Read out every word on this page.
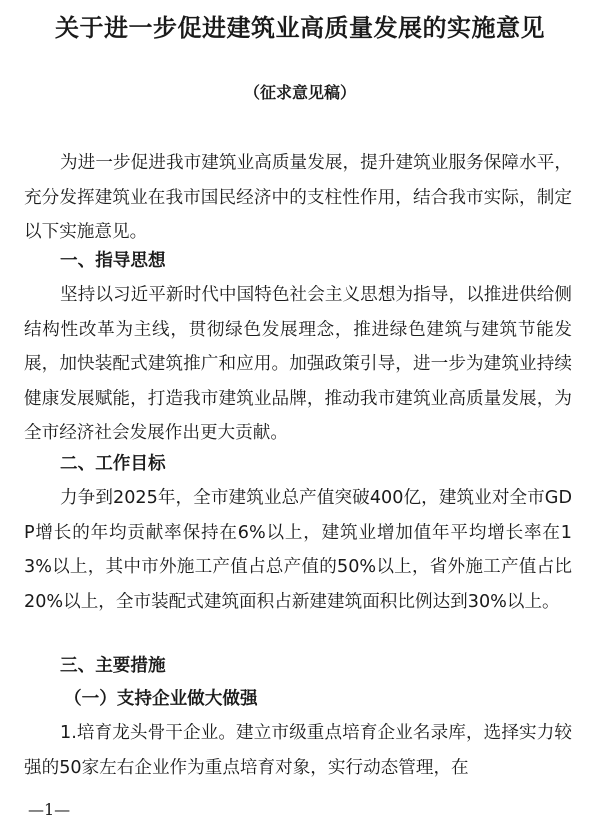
关于进一步促进建筑业高质量发展的实施意见
（征求意见稿）

为进一步促进我市建筑业高质量发展，提升建筑业服务保障水平，充分发挥建筑业在我市国民经济中的支柱性作用，结合我市实际，制定以下实施意见。

一、指导思想

坚持以习近平新时代中国特色社会主义思想为指导，以推进供给侧结构性改革为主线，贯彻绿色发展理念，推进绿色建筑与建筑节能发展，加快装配式建筑推广和应用。加强政策引导，进一步为建筑业持续健康发展赋能，打造我市建筑业品牌，推动我市建筑业高质量发展，为全市经济社会发展作出更大贡献。

二、工作目标

力争到2025年，全市建筑业总产值突破400亿，建筑业对全市GDP增长的年均贡献率保持在6%以上，建筑业增加值年平均增长率在13%以上，其中市外施工产值占总产值的50%以上，省外施工产值占比20%以上，全市装配式建筑面积占新建建筑面积比例达到30%以上。

三、主要措施

（一）支持企业做大做强

1.培育龙头骨干企业。建立市级重点培育企业名录库，选择实力较强的50家左右企业作为重点培育对象，实行动态管理，在

—1—
